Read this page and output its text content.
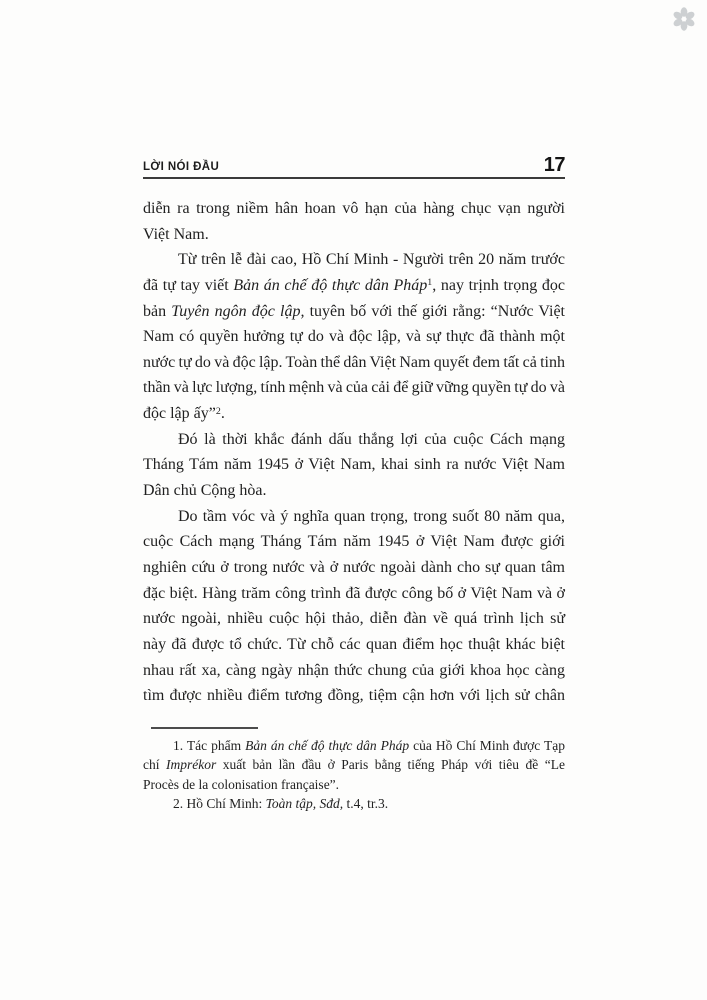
LỜI NÓI ĐẦU	17
diễn ra trong niềm hân hoan vô hạn của hàng chục vạn người
Việt Nam.
Từ trên lễ đài cao, Hồ Chí Minh - Người trên 20 năm trước
đã tự tay viết Bản án chế độ thực dân Pháp$^1$, nay trịnh trọng đọc
bản Tuyên ngôn độc lập, tuyên bố với thế giới rằng: “Nước Việt
Nam có quyền hưởng tự do và độc lập, và sự thực đã thành một
nước tự do và độc lập. Toàn thể dân Việt Nam quyết đem tất cả tinh
thần và lực lượng, tính mệnh và của cải để giữ vững quyền tự do và
độc lập ấy”$^2$.
Đó là thời khắc đánh dấu thắng lợi của cuộc Cách mạng
Tháng Tám năm 1945 ở Việt Nam, khai sinh ra nước Việt Nam
Dân chủ Cộng hòa.
Do tầm vóc và ý nghĩa quan trọng, trong suốt 80 năm qua,
cuộc Cách mạng Tháng Tám năm 1945 ở Việt Nam được giới
nghiên cứu ở trong nước và ở nước ngoài dành cho sự quan tâm
đặc biệt. Hàng trăm công trình đã được công bố ở Việt Nam và ở
nước ngoài, nhiều cuộc hội thảo, diễn đàn về quá trình lịch sử
này đã được tổ chức. Từ chỗ các quan điểm học thuật khác biệt
nhau rất xa, càng ngày nhận thức chung của giới khoa học càng
tìm được nhiều điểm tương đồng, tiệm cận hơn với lịch sử chân
1. Tác phẩm Bản án chế độ thực dân Pháp của Hồ Chí Minh được Tạp
chí Imprékor xuất bản lần đầu ở Paris bằng tiếng Pháp với tiêu đề “Le
Procès de la colonisation française”.
2. Hồ Chí Minh: Toàn tập, Sđd, t.4, tr.3.
